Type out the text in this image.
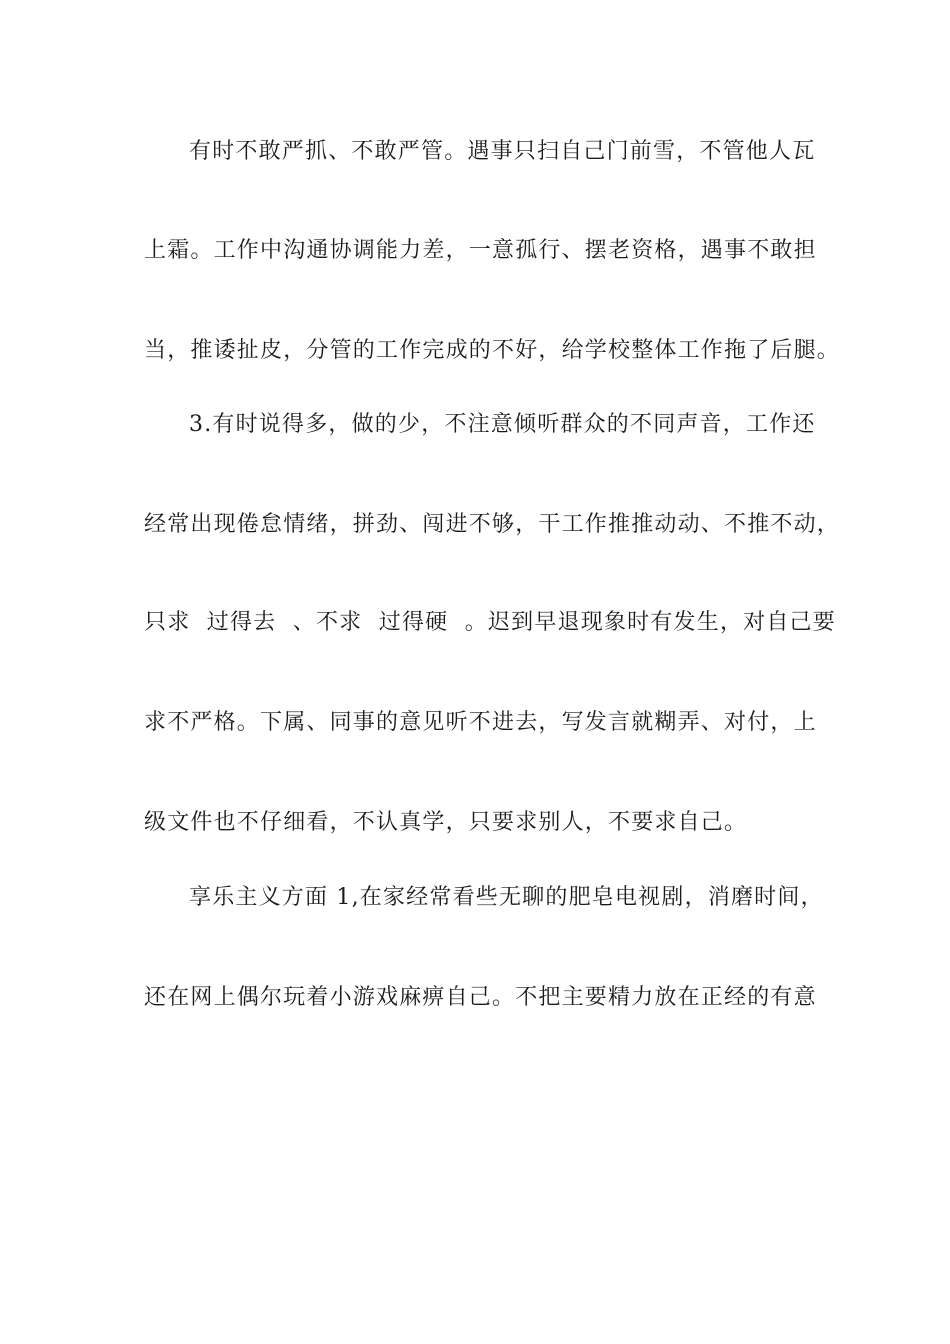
有时不敢严抓、不敢严管。遇事只扫自己门前雪，不管他人瓦
上霜。工作中沟通协调能力差，一意孤行、摆老资格，遇事不敢担
当，推诿扯皮，分管的工作完成的不好，给学校整体工作拖了后腿。
3.有时说得多，做的少，不注意倾听群众的不同声音，工作还
经常出现倦怠情绪，拼劲、闯进不够，干工作推推动动、不推不动，
只求  过得去  、不求  过得硬  。迟到早退现象时有发生，对自己要
求不严格。下属、同事的意见听不进去，写发言就糊弄、对付，上
级文件也不仔细看，不认真学，只要求别人，不要求自己。
享乐主义方面 1,在家经常看些无聊的肥皂电视剧，消磨时间，
还在网上偶尔玩着小游戏麻痹自己。不把主要精力放在正经的有意
